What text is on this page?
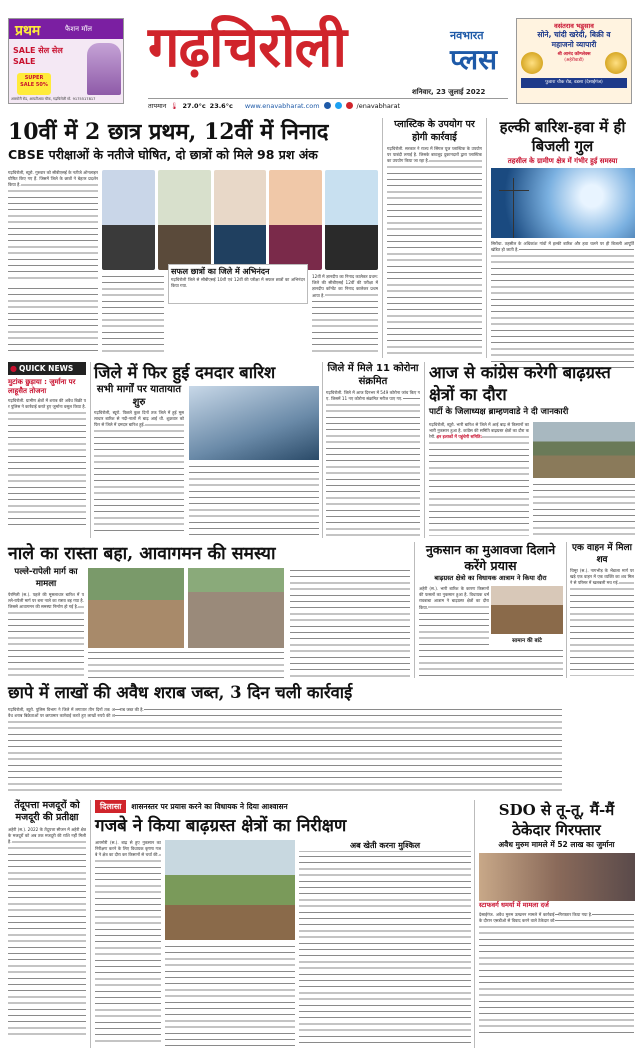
प्रथम	फैशन मॉल
SALE सेल सेल SALE
SUPER SALE 50%
आरमोरी रोड, आयटीआय चौक, गढ़चिरोली मो. 9175517817
गढ़चिरोली	नवभारत
प्लस
वसंतराव भडूसाव
सोने, चांदी खरेदी, बिक्री व
महाजनो व्यापारी
श्री आनंद कॉम्प्लेक्स
(अहेरीवाडी)
फुवारा चौक रोड, वडसा (देसाईगंज)
तापमान 🌡 27.0°c 23.6°c www.enavabharat.com	/enavabharat
शनिवार, 23 जुलाई 2022
10वीं में 2 छात्र प्रथम, 12वीं में निनाद
CBSE परीक्षाओं के नतीजे घोषित, दो छात्रों को मिले 98 प्रश अंक
गढ़चिरोली, ब्यूरो. गुरुवार को सीबीएसई के नतीजे ऑनलाइन घोषित किए गए हैं. जिसमें जिले के छात्रों ने बेहतर प्रदर्शन किया है.
सफल छात्रों का जिले में अभिनंदन
गढ़चिरोली जिले से सीबीएसई 10वीं एवं 12वीं की परीक्षा में सफल छात्रों का अभिनंदन किया गया.
12वीं में ज्ञानदीप का निनाद कालेकर प्रथम: जिले की सीबीएसई 12वीं की परीक्षा में ज्ञानदीप कॉन्वेंट का निनाद कालेकर प्रथम आया है.
प्लास्टिक के उपयोग पर होगी कार्रवाई
गढ़चिरोली. सरकार ने राज्य में सिंगल यूज प्लास्टिक के उपयोग पर पाबंदी लगाई है. जिसके बावजूद दुकानदारों द्वारा प्लास्टिक का उपयोग किया जा रहा है.
हल्की बारिश-हवा में ही बिजली गुल
तहसील के ग्रामीण क्षेत्र में गंभीर हुई समस्या
सिरोंचा. तहसील के अधिकांश गांवों में हल्की बारिश और हवा चलने पर ही बिजली आपूर्ति खंडित हो जाती है.
● QUICK NEWS
मुटांक छुड़ाया : जुर्माना पर लाहूसैत तोजना
गढ़चिरोली. ग्रामीण क्षेत्रों में शराब की अवैध बिक्री पर पुलिस ने कार्रवाई करते हुए जुर्माना वसूल किया है.
जिले में फिर हुई दमदार बारिश
सभी मार्गों पर यातायात शुरु
गढ़चिरोली, ब्यूरो. पिछले कुछ दिनों तक जिले में हुई मूसलाधार बारिश से नदी-नालों में बाढ़ आई थी. शुक्रवार को फिर से जिले में दमदार बारिश हुई.
जिले में मिले 11 कोरोना संक्रमित
गढ़चिरोली. जिले में आज दिनभर में 549 कोरोना जांच किए गए. जिसमें 11 नए कोरोना संक्रमित मरीज पाए गए.
आज से कांग्रेस करेगी बाढ़ग्रस्त क्षेत्रों का दौरा
पार्टी के जिलाध्यक्ष ब्राम्हणवाडे ने दी जानकारी
गढ़चिरोली, ब्यूरो. भारी बारिश से जिले में आई बाढ़ से किसानों का भारी नुकसान हुआ है. कांग्रेस की समिति बाढ़ग्रस्त क्षेत्रों का दौरा करेगी. इन इलाकों में पहुंचेगी समिति:
नाले का रास्ता बहा, आवागमन की समस्या
पल्ले-रापेली मार्ग का मामला
पेरमिली (स.). पहले की मूसलाधार बारिश में पल्ले-रापेली मार्ग पर बना नाले का रास्ता बह गया है. जिससे आवागमन की समस्या निर्माण हो गई है.
नुकसान का मुआवजा दिलाने करेंगे प्रयास
बाढ़ग्रस्त क्षेत्रो का विधायक आत्राम ने किया दौरा
अहेरी (स.). भारी बारिश के कारण किसानों की फसलों का नुकसान हुआ है. विधायक धर्मरावबाबा आत्राम ने बाढ़ग्रस्त क्षेत्रों का दौरा किया.
सामान की बांटे
एक वाहन में मिला शव
चिमूर (स.). नागभीड़ के भेंडाला मार्ग पर खड़े एक वाहन में एक व्यक्ति का शव मिलने से परिसर में खलबली मच गई.
छापे में लाखों की अवैध शराब जब्त, 3 दिन चली कार्रवाई
गढ़चिरोली, ब्यूरो. पुलिस विभाग ने जिले में लगातार तीन दिनों तक अवैध शराब बिक्रेताओं पर छापामार कार्रवाई करते हुए लाखों रुपये की शराब जब्त की है.
तेंदूपत्ता मजदूरों को मजदूरी की प्रतीक्षा
अहेरी (स.). 2022 के तेंदूपत्ता सीजन में अहेरी क्षेत्र के मजदूरों को अब तक मजदूरी की राशि नहीं मिली है.
दिलासा	शासनस्तर पर प्रयास करने का विधायक ने दिया आश्वासन
गजबे ने किया बाढ़ग्रस्त क्षेत्रों का निरीक्षण
आरमोरी (स.). बाढ़ से हुए नुकसान का निरीक्षण करने के लिए विधायक कृष्णा गजबे ने क्षेत्र का दौरा कर किसानों से चर्चा की.
अब खेती करना मुश्किल
SDO से तू-तू, मैं-मैं ठेकेदार गिरफ्तार
अवैध मुरुम मामले में 52 लाख का जुर्माना
स्टाफवर्ग धमर्या में मामला दर्ज
देसाईगंज. अवैध मुरुम उत्खनन मामले में कार्रवाई के दौरान एसडीओ से विवाद करने वाले ठेकेदार को गिरफ्तार किया गया है.
